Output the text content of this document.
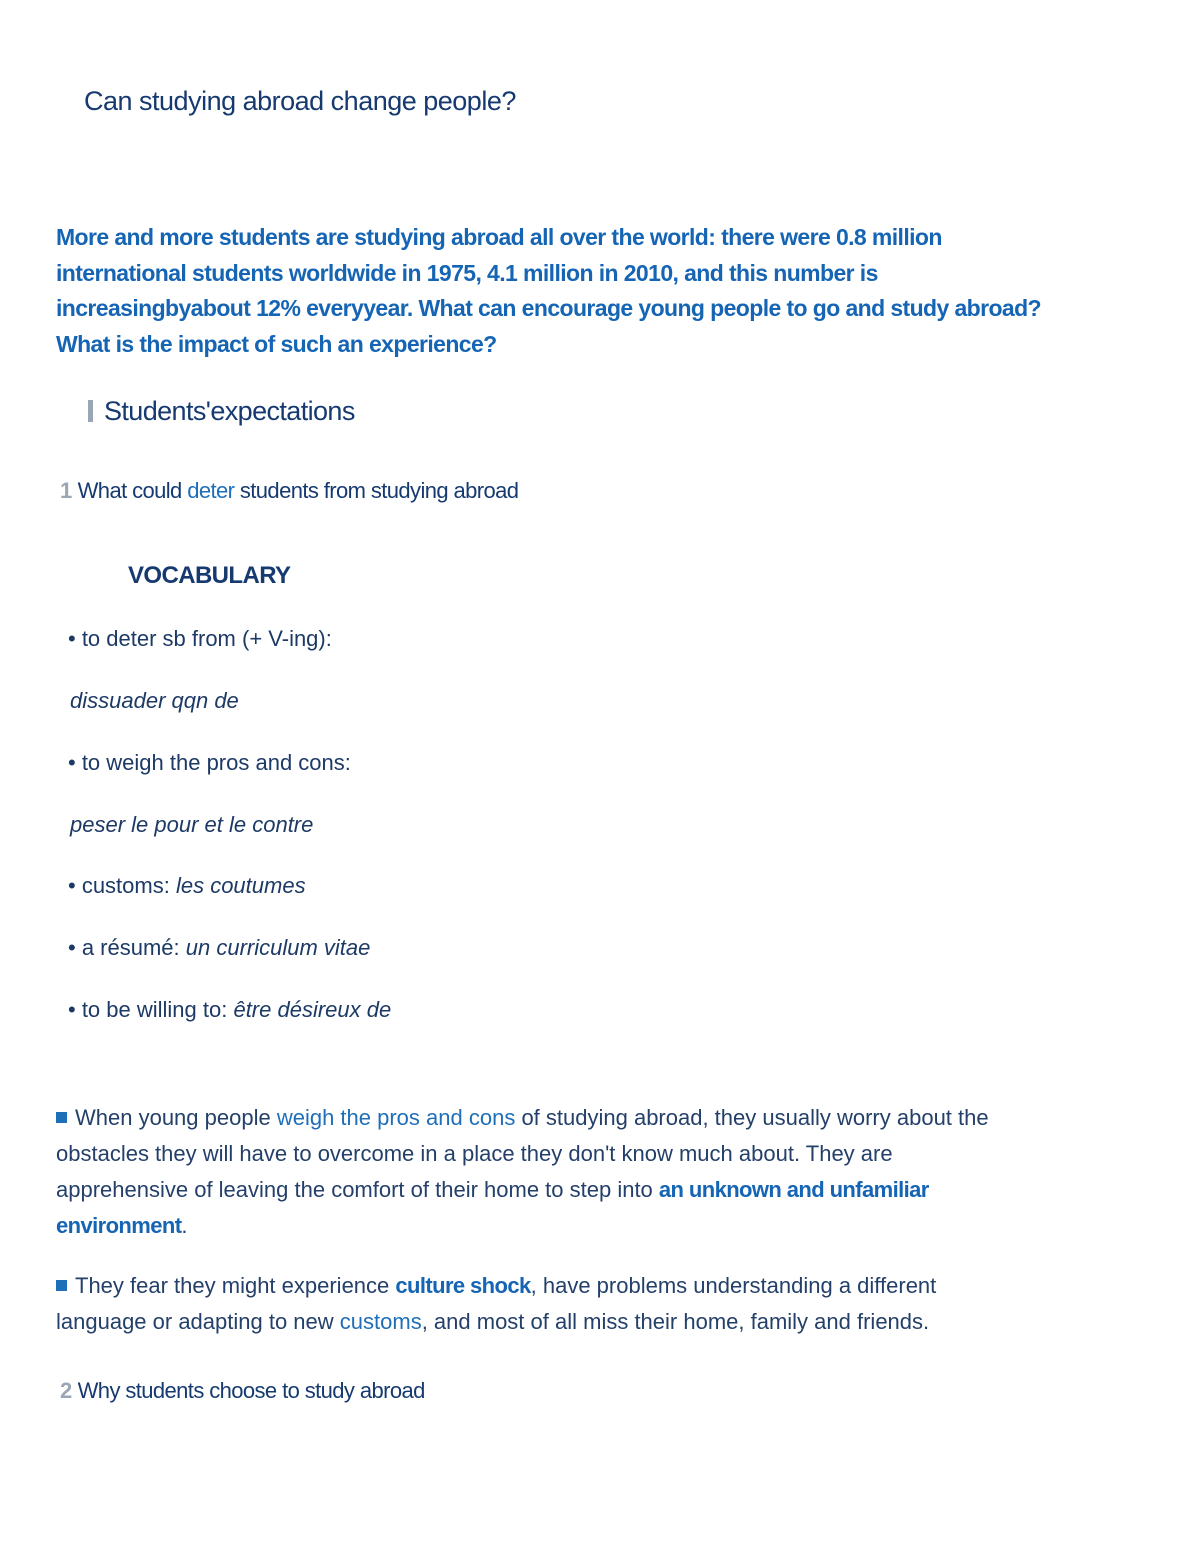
Can studying abroad change people?
More and more students are studying abroad all over the world: there were 0.8 million
international students worldwide in 1975, 4.1 million in 2010, and this number is
increasingbyabout 12% everyyear. What can encourage young people to go and study abroad?
What is the impact of such an experience?
Students'expectations
1 What could deter students from studying abroad
VOCABULARY
• to deter sb from (+ V-ing):
dissuader qqn de
• to weigh the pros and cons:
peser le pour et le contre
• customs: les coutumes
• a résumé: un curriculum vitae
• to be willing to: être désireux de
When young people weigh the pros and cons of studying abroad, they usually worry about the
obstacles they will have to overcome in a place they don't know much about. They are
apprehensive of leaving the comfort of their home to step into an unknown and unfamiliar
environment.
They fear they might experience culture shock, have problems understanding a different
language or adapting to new customs, and most of all miss their home, family and friends.
2 Why students choose to study abroad
